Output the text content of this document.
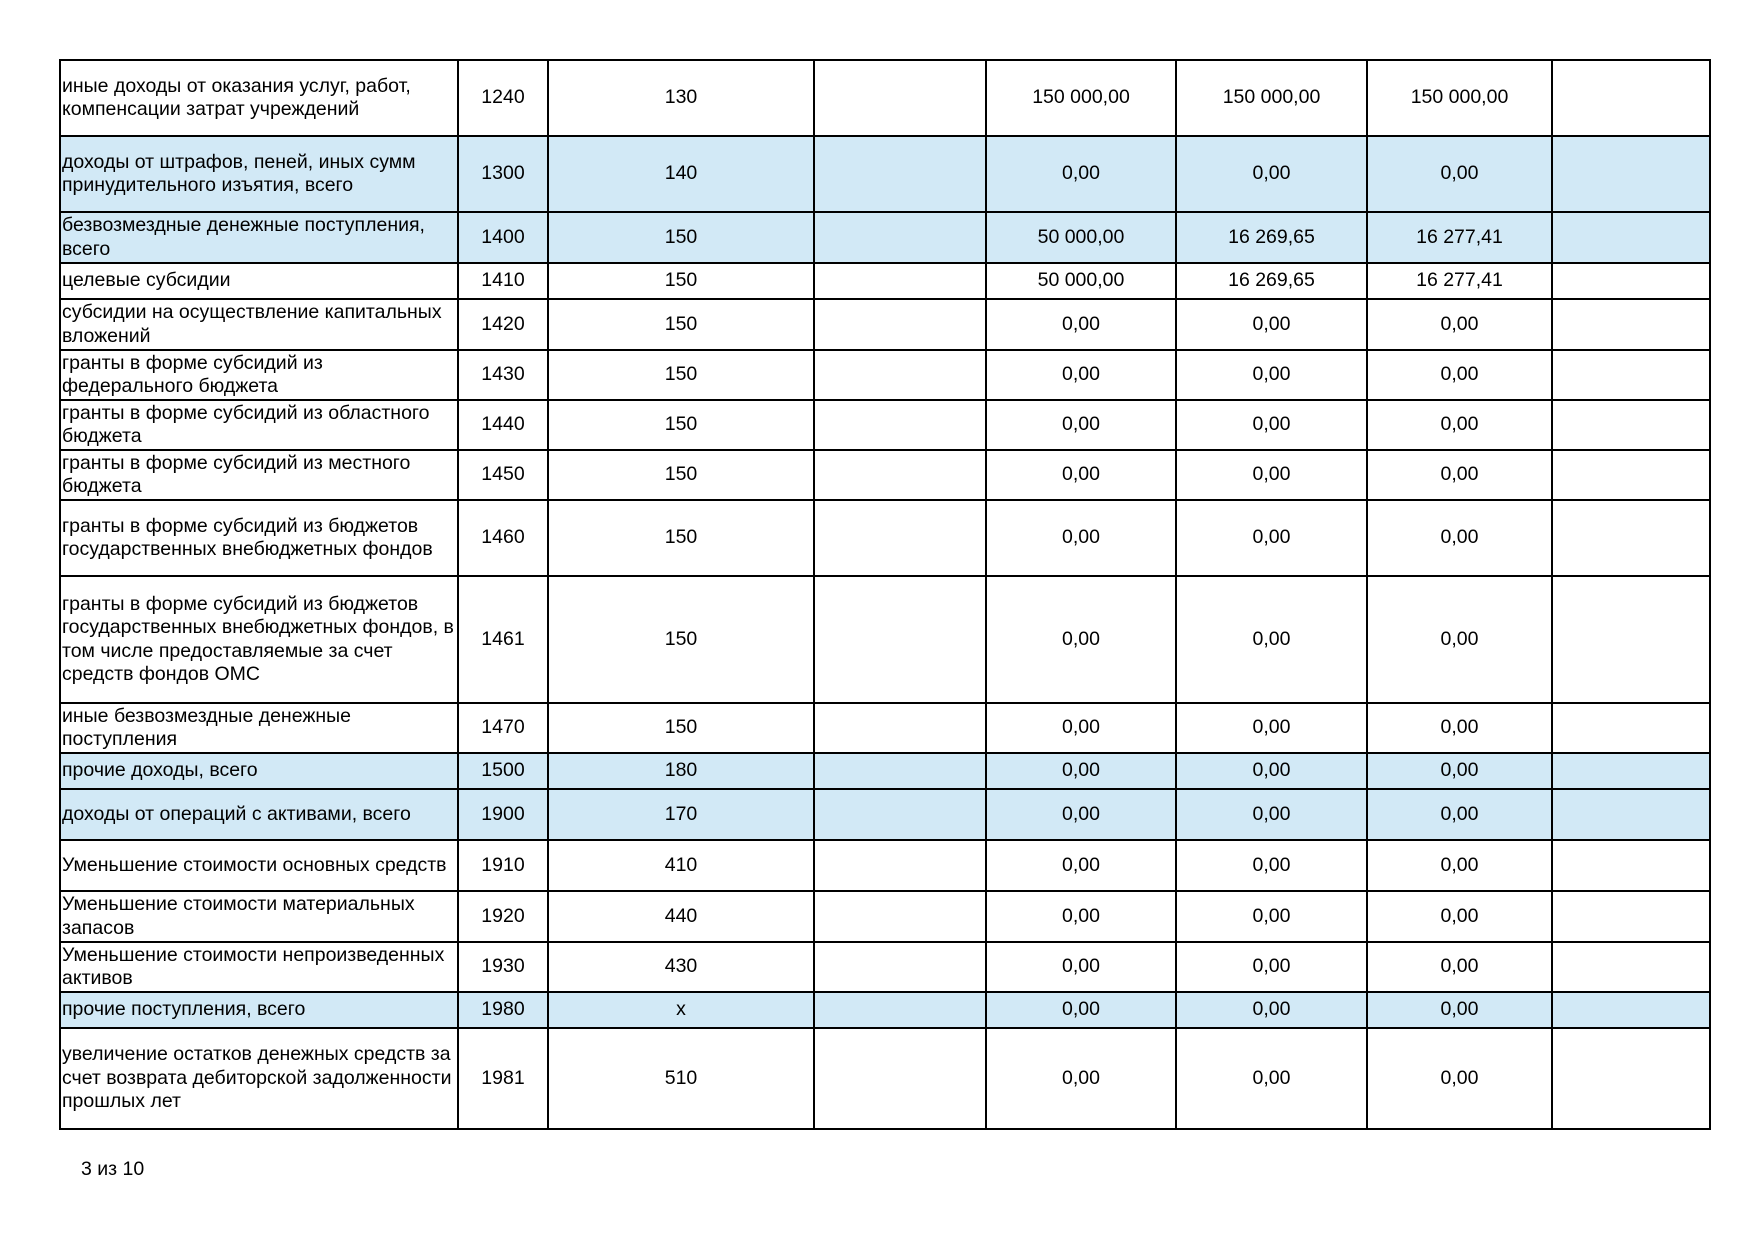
иные доходы от оказания услуг, работ, компенсации затрат учреждений	1240	130		150 000,00	150 000,00	150 000,00	
доходы от штрафов, пеней, иных сумм принудительного изъятия, всего	1300	140		0,00	0,00	0,00	
безвозмездные денежные поступления, всего	1400	150		50 000,00	16 269,65	16 277,41	
целевые субсидии	1410	150		50 000,00	16 269,65	16 277,41	
субсидии на осуществление капитальных вложений	1420	150		0,00	0,00	0,00	
гранты в форме субсидий из федерального бюджета	1430	150		0,00	0,00	0,00	
гранты в форме субсидий из областного бюджета	1440	150		0,00	0,00	0,00	
гранты в форме субсидий из местного бюджета	1450	150		0,00	0,00	0,00	
гранты в форме субсидий из бюджетов государственных внебюджетных фондов	1460	150		0,00	0,00	0,00	
гранты в форме субсидий из бюджетов государственных внебюджетных фондов, в том числе предоставляемые за счет средств фондов ОМС	1461	150		0,00	0,00	0,00	
иные безвозмездные денежные поступления	1470	150		0,00	0,00	0,00	
прочие доходы, всего	1500	180		0,00	0,00	0,00	
доходы от операций с активами, всего	1900	170		0,00	0,00	0,00	
Уменьшение стоимости основных средств	1910	410		0,00	0,00	0,00	
Уменьшение стоимости материальных запасов	1920	440		0,00	0,00	0,00	
Уменьшение стоимости непроизведенных активов	1930	430		0,00	0,00	0,00	
прочие поступления, всего	1980	x		0,00	0,00	0,00	
увеличение остатков денежных средств за счет возврата дебиторской задолженности прошлых лет	1981	510		0,00	0,00	0,00	
3 из 10
